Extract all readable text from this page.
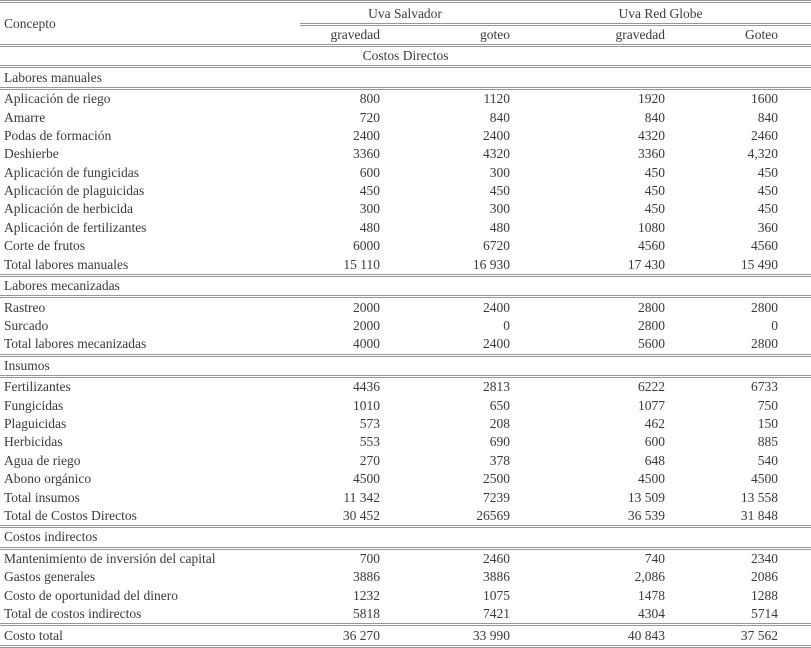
Concepto	Uva Salvador		Uva Red Globe	
	gravedad	goteo	gravedad	Goteo
Costos Directos				
Labores manuales				
Aplicación de riego	800	1120	1920	1600
Amarre	720	840	840	840
Podas de formación	2400	2400	4320	2460
Deshierbe	3360	4320	3360	4,320
Aplicación de fungicidas	600	300	450	450
Aplicación de plaguicidas	450	450	450	450
Aplicación de herbicida	300	300	450	450
Aplicación de fertilizantes	480	480	1080	360
Corte de frutos	6000	6720	4560	4560
Total labores manuales	15 110	16 930	17 430	15 490
Labores mecanizadas				
Rastreo	2000	2400	2800	2800
Surcado	2000	0	2800	0
Total labores mecanizadas	4000	2400	5600	2800
Insumos				
Fertilizantes	4436	2813	6222	6733
Fungicidas	1010	650	1077	750
Plaguicidas	573	208	462	150
Herbicidas	553	690	600	885
Agua de riego	270	378	648	540
Abono orgánico	4500	2500	4500	4500
Total insumos	11 342	7239	13 509	13 558
Total de Costos Directos	30 452	26569	36 539	31 848
Costos indirectos				
Mantenimiento de inversión del capital	700	2460	740	2340
Gastos generales	3886	3886	2,086	2086
Costo de oportunidad del dinero	1232	1075	1478	1288
Total de costos indirectos	5818	7421	4304	5714
Costo total	36 270	33 990	40 843	37 562
